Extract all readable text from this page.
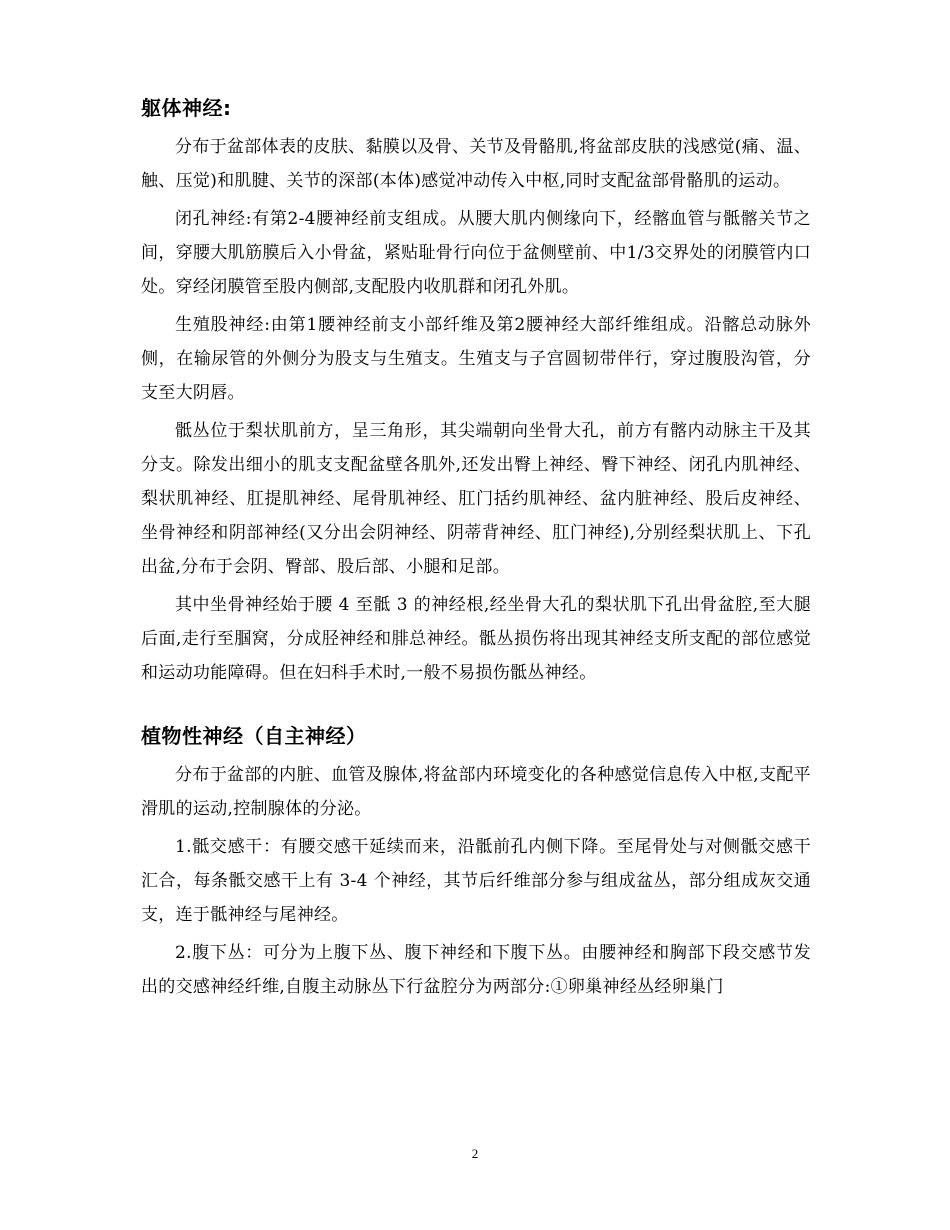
躯体神经:

分布于盆部体表的皮肤、黏膜以及骨、关节及骨骼肌,将盆部皮肤的浅感觉(痛、温、触、压觉)和肌腱、关节的深部(本体)感觉冲动传入中枢,同时支配盆部骨骼肌的运动。

闭孔神经:有第2-4腰神经前支组成。从腰大肌内侧缘向下，经髂血管与骶髂关节之间，穿腰大肌筋膜后入小骨盆，紧贴耻骨行向位于盆侧壁前、中1/3交界处的闭膜管内口处。穿经闭膜管至股内侧部,支配股内收肌群和闭孔外肌。

生殖股神经:由第1腰神经前支小部纤维及第2腰神经大部纤维组成。沿髂总动脉外侧，在输尿管的外侧分为股支与生殖支。生殖支与子宫圆韧带伴行，穿过腹股沟管，分支至大阴唇。

骶丛位于梨状肌前方，呈三角形，其尖端朝向坐骨大孔，前方有髂内动脉主干及其分支。除发出细小的肌支支配盆壁各肌外,还发出臀上神经、臀下神经、闭孔内肌神经、梨状肌神经、肛提肌神经、尾骨肌神经、肛门括约肌神经、盆内脏神经、股后皮神经、坐骨神经和阴部神经(又分出会阴神经、阴蒂背神经、肛门神经),分别经梨状肌上、下孔出盆,分布于会阴、臀部、股后部、小腿和足部。

其中坐骨神经始于腰 4 至骶 3 的神经根,经坐骨大孔的梨状肌下孔出骨盆腔,至大腿后面,走行至腘窝，分成胫神经和腓总神经。骶丛损伤将出现其神经支所支配的部位感觉和运动功能障碍。但在妇科手术时,一般不易损伤骶丛神经。

植物性神经（自主神经）

分布于盆部的内脏、血管及腺体,将盆部内环境变化的各种感觉信息传入中枢,支配平滑肌的运动,控制腺体的分泌。

1.骶交感干：有腰交感干延续而来，沿骶前孔内侧下降。至尾骨处与对侧骶交感干汇合，每条骶交感干上有 3-4 个神经，其节后纤维部分参与组成盆丛，部分组成灰交通支，连于骶神经与尾神经。

2.腹下丛：可分为上腹下丛、腹下神经和下腹下丛。由腰神经和胸部下段交感节发出的交感神经纤维,自腹主动脉丛下行盆腔分为两部分:①卵巢神经丛经卵巢门

2
